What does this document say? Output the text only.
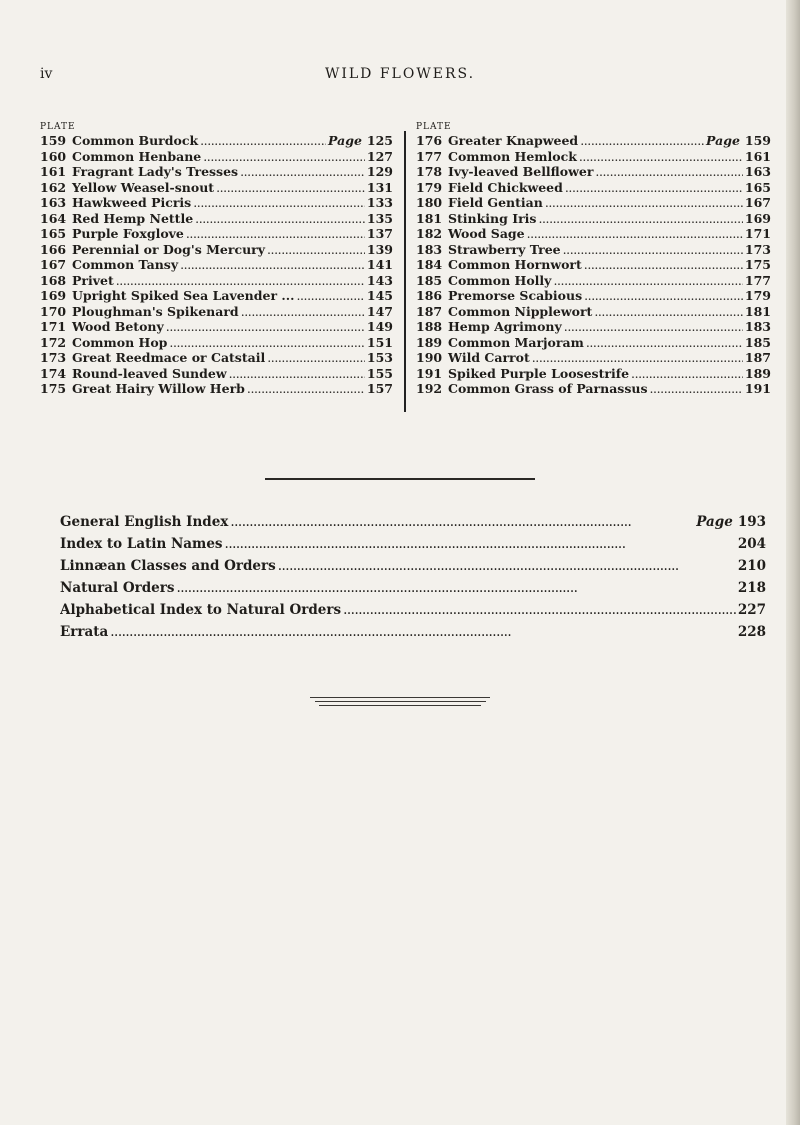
iv	WILD FLOWERS.
PLATE
159 Common Burdock . . .	Page 125
160 Common Henbane . . .	127
161 Fragrant Lady's Tresses . . .	129
162 Yellow Weasel-snout . . .	131
163 Hawkweed Picris . . .	133
164 Red Hemp Nettle . . .	135
165 Purple Foxglove . . .	137
166 Perennial or Dog's Mercury . . .	139
167 Common Tansy . . .	141
168 Privet . . .	143
169 Upright Spiked Sea Lavender ... . . .	145
170 Ploughman's Spikenard . . .	147
171 Wood Betony . . .	149
172 Common Hop . . .	151
173 Great Reedmace or Catstail . . .	153
174 Round-leaved Sundew . . .	155
175 Great Hairy Willow Herb . . .	157
PLATE
176 Greater Knapweed . . .	Page 159
177 Common Hemlock . . .	161
178 Ivy-leaved Bellflower . . .	163
179 Field Chickweed . . .	165
180 Field Gentian . . .	167
181 Stinking Iris . . .	169
182 Wood Sage . . .	171
183 Strawberry Tree . . .	173
184 Common Hornwort . . .	175
185 Common Holly . . .	177
186 Premorse Scabious . . .	179
187 Common Nipplewort . . .	181
188 Hemp Agrimony . . .	183
189 Common Marjoram . . .	185
190 Wild Carrot . . .	187
191 Spiked Purple Loosestrife . . .	189
192 Common Grass of Parnassus . . .	191
General English Index . . .	Page 193
Index to Latin Names . . .	204
Linnæan Classes and Orders . . .	210
Natural Orders . . .	218
Alphabetical Index to Natural Orders . . .	227
Errata . . .	228
